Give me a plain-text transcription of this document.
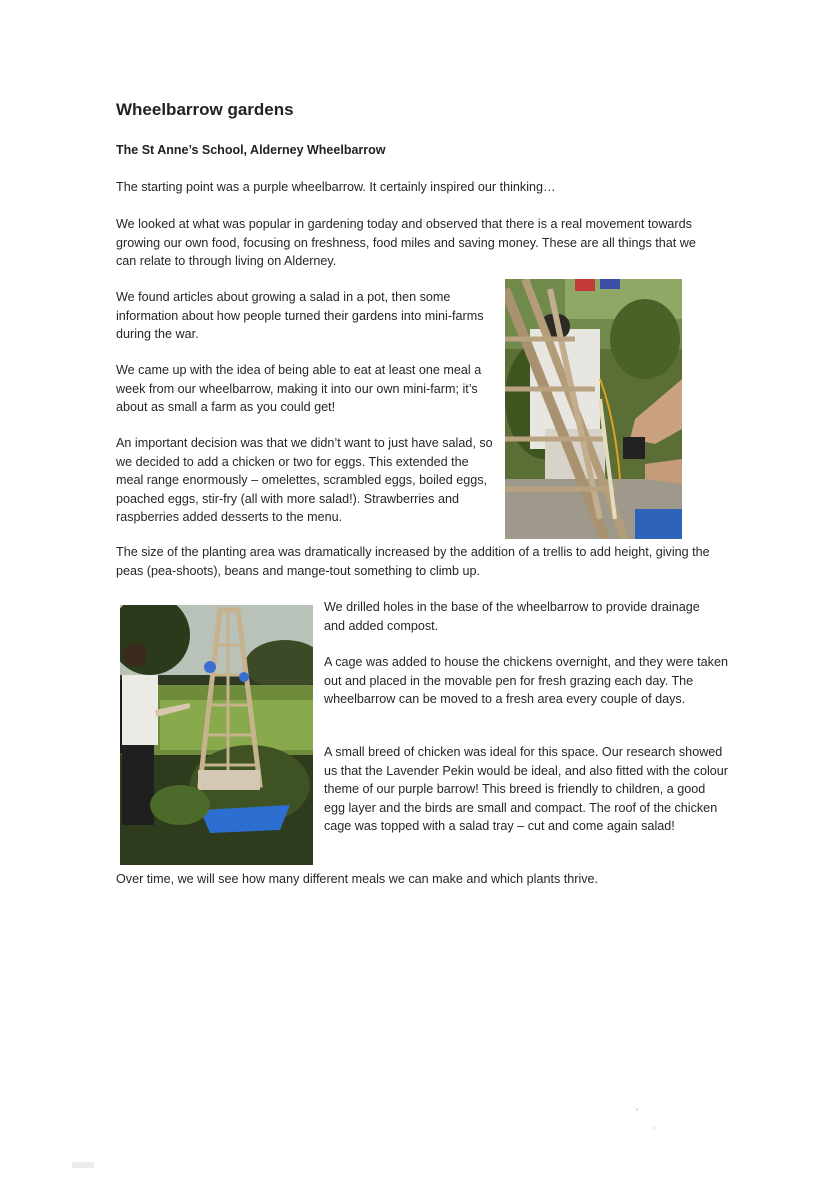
Wheelbarrow gardens
The St Anne’s School, Alderney Wheelbarrow

The starting point was a purple wheelbarrow. It certainly inspired our thinking…

We looked at what was popular in gardening today and observed that there is a real movement towards growing our own food, focusing on freshness, food miles and saving money. These are all things that we can relate to through living on Alderney.

We found articles about growing a salad in a pot, then some information about how people turned their gardens into mini-farms during the war.

We came up with the idea of being able to eat at least one meal a week from our wheelbarrow, making it into our own mini-farm; it’s about as small a farm as you could get!

An important decision was that we didn’t want to just have salad, so we decided to add a chicken or two for eggs. This extended the meal range enormously – omelettes, scrambled eggs, boiled eggs, poached eggs, stir-fry (all with more salad!). Strawberries and raspberries added desserts to the menu.

The size of the planting area was dramatically increased by the addition of a trellis to add height, giving the peas (pea-shoots), beans and mange-tout something to climb up.

We drilled holes in the base of the wheelbarrow to provide drainage and added compost.

A cage was added to house the chickens overnight, and they were taken out and placed in the movable pen for fresh grazing each day. The wheelbarrow can be moved to a fresh area every couple of days.

A small breed of chicken was ideal for this space. Our research showed us that the Lavender Pekin would be ideal, and also fitted with the colour theme of our purple barrow! This breed is friendly to children, a good egg layer and the birds are small and compact. The roof of the chicken cage was topped with a salad tray – cut and come again salad!

Over time, we will see how many different meals we can make and which plants thrive.
